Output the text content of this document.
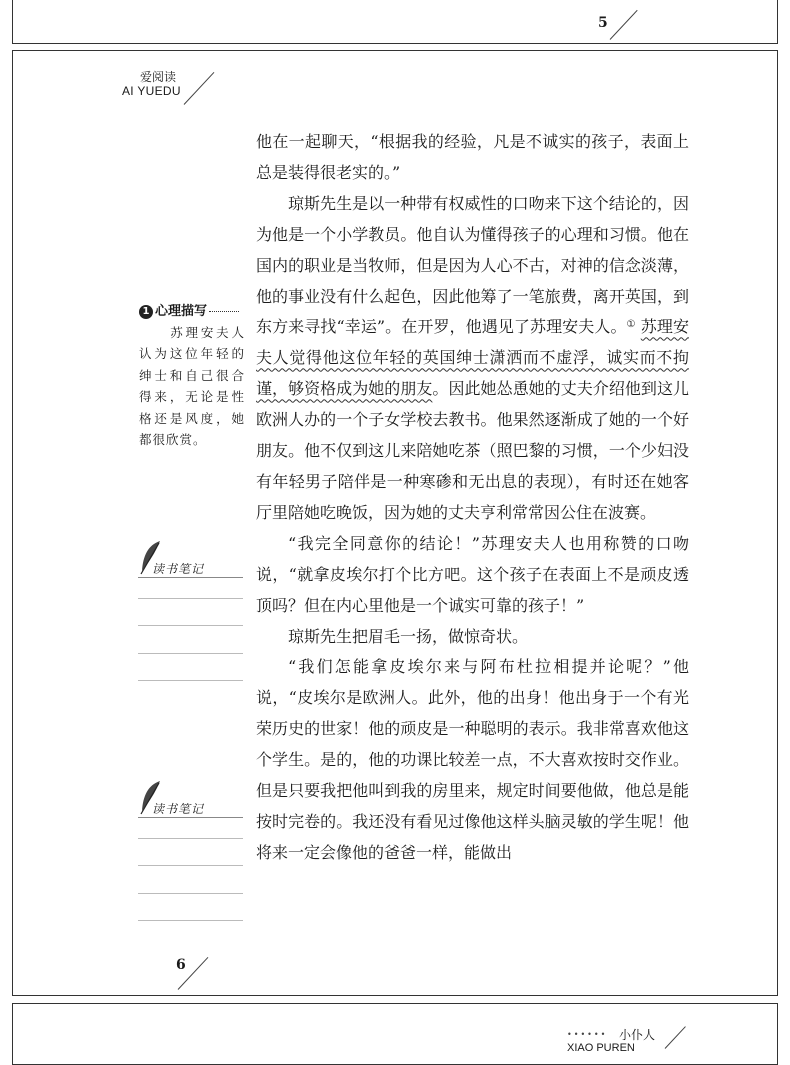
5
爱阅读
AI YUEDU

他在一起聊天，“根据我的经验，凡是不诚实的孩子，表面上总是装得很老实的。”

琼斯先生是以一种带有权威性的口吻来下这个结论的，因为他是一个小学教员。他自认为懂得孩子的心理和习惯。他在国内的职业是当牧师，但是因为人心不古，对神的信念淡薄，他的事业没有什么起色，因此他筹了一笔旅费，离开英国，到东方来寻找“幸运”。在开罗，他遇见了苏理安夫人。① 苏理安夫人觉得他这位年轻的英国绅士潇洒而不虚浮，诚实而不拘谨，够资格成为她的朋友。因此她怂恿她的丈夫介绍他到这儿欧洲人办的一个子女学校去教书。他果然逐渐成了她的一个好朋友。他不仅到这儿来陪她吃茶（照巴黎的习惯，一个少妇没有年轻男子陪伴是一种寒碜和无出息的表现），有时还在她客厅里陪她吃晚饭，因为她的丈夫亨利常常因公住在波赛。

“我完全同意你的结论！”苏理安夫人也用称赞的口吻说，“就拿皮埃尔打个比方吧。这个孩子在表面上不是顽皮透顶吗？但在内心里他是一个诚实可靠的孩子！”

琼斯先生把眉毛一扬，做惊奇状。

“我们怎能拿皮埃尔来与阿布杜拉相提并论呢？”他说，“皮埃尔是欧洲人。此外，他的出身！他出身于一个有光荣历史的世家！他的顽皮是一种聪明的表示。我非常喜欢他这个学生。是的，他的功课比较差一点，不大喜欢按时交作业。但是只要我把他叫到我的房里来，规定时间要他做，他总是能按时完卷的。我还没有看见过像他这样头脑灵敏的学生呢！他将来一定会像他的爸爸一样，能做出

1 心理描写
苏理安夫人认为这位年轻的绅士和自己很合得来，无论是性格还是风度，她都很欣赏。
读书笔记
读书笔记
6
•••••• 小仆人
XIAO PUREN
